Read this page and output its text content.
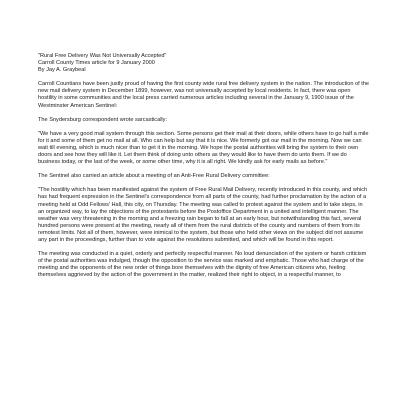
"Rural Free Delivery Was Not Universally Accepted"
Carroll County Times article for 9 January 2000
By Jay A. Graybeal

Carroll Countians have been justly proud of having the first county wide rural free delivery system in the nation. The introduction of the new mail delivery system in December 1899, however, was not universally accepted by local residents. In fact, there was open hostility in some communities and the local press carried numerous articles including several in the January 9, 1900 issue of the Westminster American Sentinel:

The Snydersburg correspondent wrote sarcastically:

"We have a very good mail system through this section. Some persons get their mail at their doors, while others have to go half a mile for it and some of them get no mail at all. Who can help but say that it is nice. We formerly got our mail in the morning. Now we can wait till evening, which is much nicer than to get it in the morning. We hope the postal authorities will bring the system to their own doors and see how they will like it. Let them think of doing unto others as they would like to have them do unto them. If we do business today, or the last of the week, or some other time, why it is all right. We kindly ask for early mails as before."

The Sentinel also carried an article about a meeting of an Anti-Free Rural Delivery committee:

"The hostility which has been manifested against the system of Free Rural Mail Delivery, recently introduced in this county, and which has had frequent expression in the Sentinel's correspondence from all parts of the county, had further proclamation by the action of a meeting held at Odd Fellows' Hall, this city, on Thursday. The meeting was called to protest against the system and to take steps, in an organized way, to lay the objections of the protestants before the Postoffice Department in a united and intelligent manner. The weather was very threatening in the morning and a freezing rain began to fall at an early hour, but notwithstanding this fact, several hundred persons were present at the meeting, nearly all of them from the rural districts of the county and numbers of them from its remotest limits. Not all of them, however, were inimical to the system, but those who held other views on the subject did not assume any part in the proceedings, further than to vote against the resolutions submitted, and which will be found in this report.

The meeting was conducted in a quiet, orderly and perfectly respectful manner. No loud denunciation of the system or harsh criticism of the postal authorities was indulged, though the opposition to the service was marked and emphatic. Those who had charge of the meeting and the opponents of the new order of things bore themselves with the dignity of free American citizens who, feeling themselves aggrieved by the action of the government in the matter, realized their right to object, in a respectful manner, to
